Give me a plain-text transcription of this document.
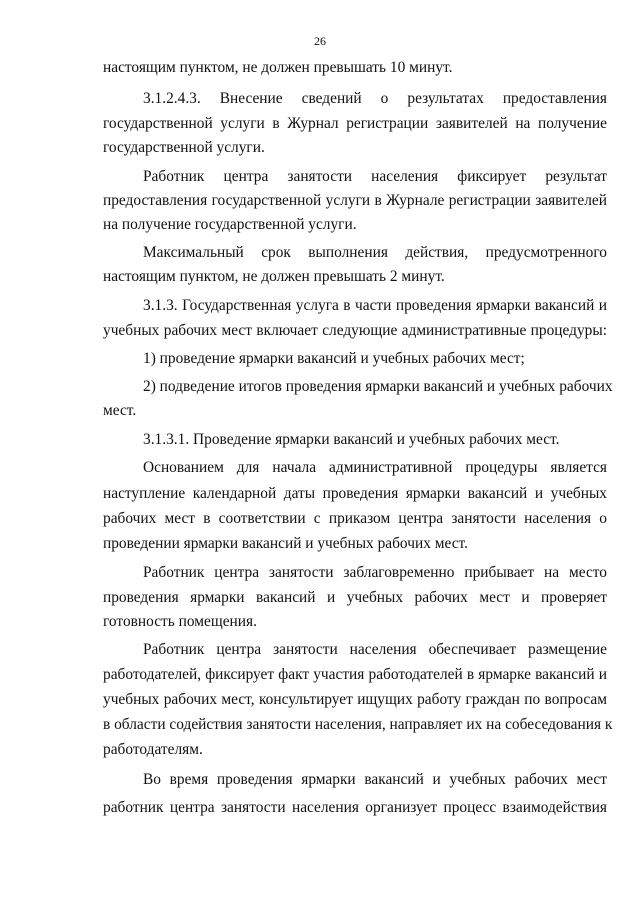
26
настоящим пунктом, не должен превышать 10 минут.
3.1.2.4.3. Внесение сведений о результатах предоставления
государственной услуги в Журнал регистрации заявителей на получение
государственной услуги.
Работник центра занятости населения фиксирует результат
предоставления государственной услуги в Журнале регистрации заявителей
на получение государственной услуги.
Максимальный срок выполнения действия, предусмотренного
настоящим пунктом, не должен превышать 2 минут.
3.1.3. Государственная услуга в части проведения ярмарки вакансий и
учебных рабочих мест включает следующие административные процедуры:
1) проведение ярмарки вакансий и учебных рабочих мест;
2) подведение итогов проведения ярмарки вакансий и учебных рабочих
мест.
3.1.3.1. Проведение ярмарки вакансий и учебных рабочих мест.
Основанием для начала административной процедуры является
наступление календарной даты проведения ярмарки вакансий и учебных
рабочих мест в соответствии с приказом центра занятости населения о
проведении ярмарки вакансий и учебных рабочих мест.
Работник центра занятости заблаговременно прибывает на место
проведения ярмарки вакансий и учебных рабочих мест и проверяет
готовность помещения.
Работник центра занятости населения обеспечивает размещение
работодателей, фиксирует факт участия работодателей в ярмарке вакансий и
учебных рабочих мест, консультирует ищущих работу граждан по вопросам
в области содействия занятости населения, направляет их на собеседования к
работодателям.
Во время проведения ярмарки вакансий и учебных рабочих мест
работник центра занятости населения организует процесс взаимодействия
